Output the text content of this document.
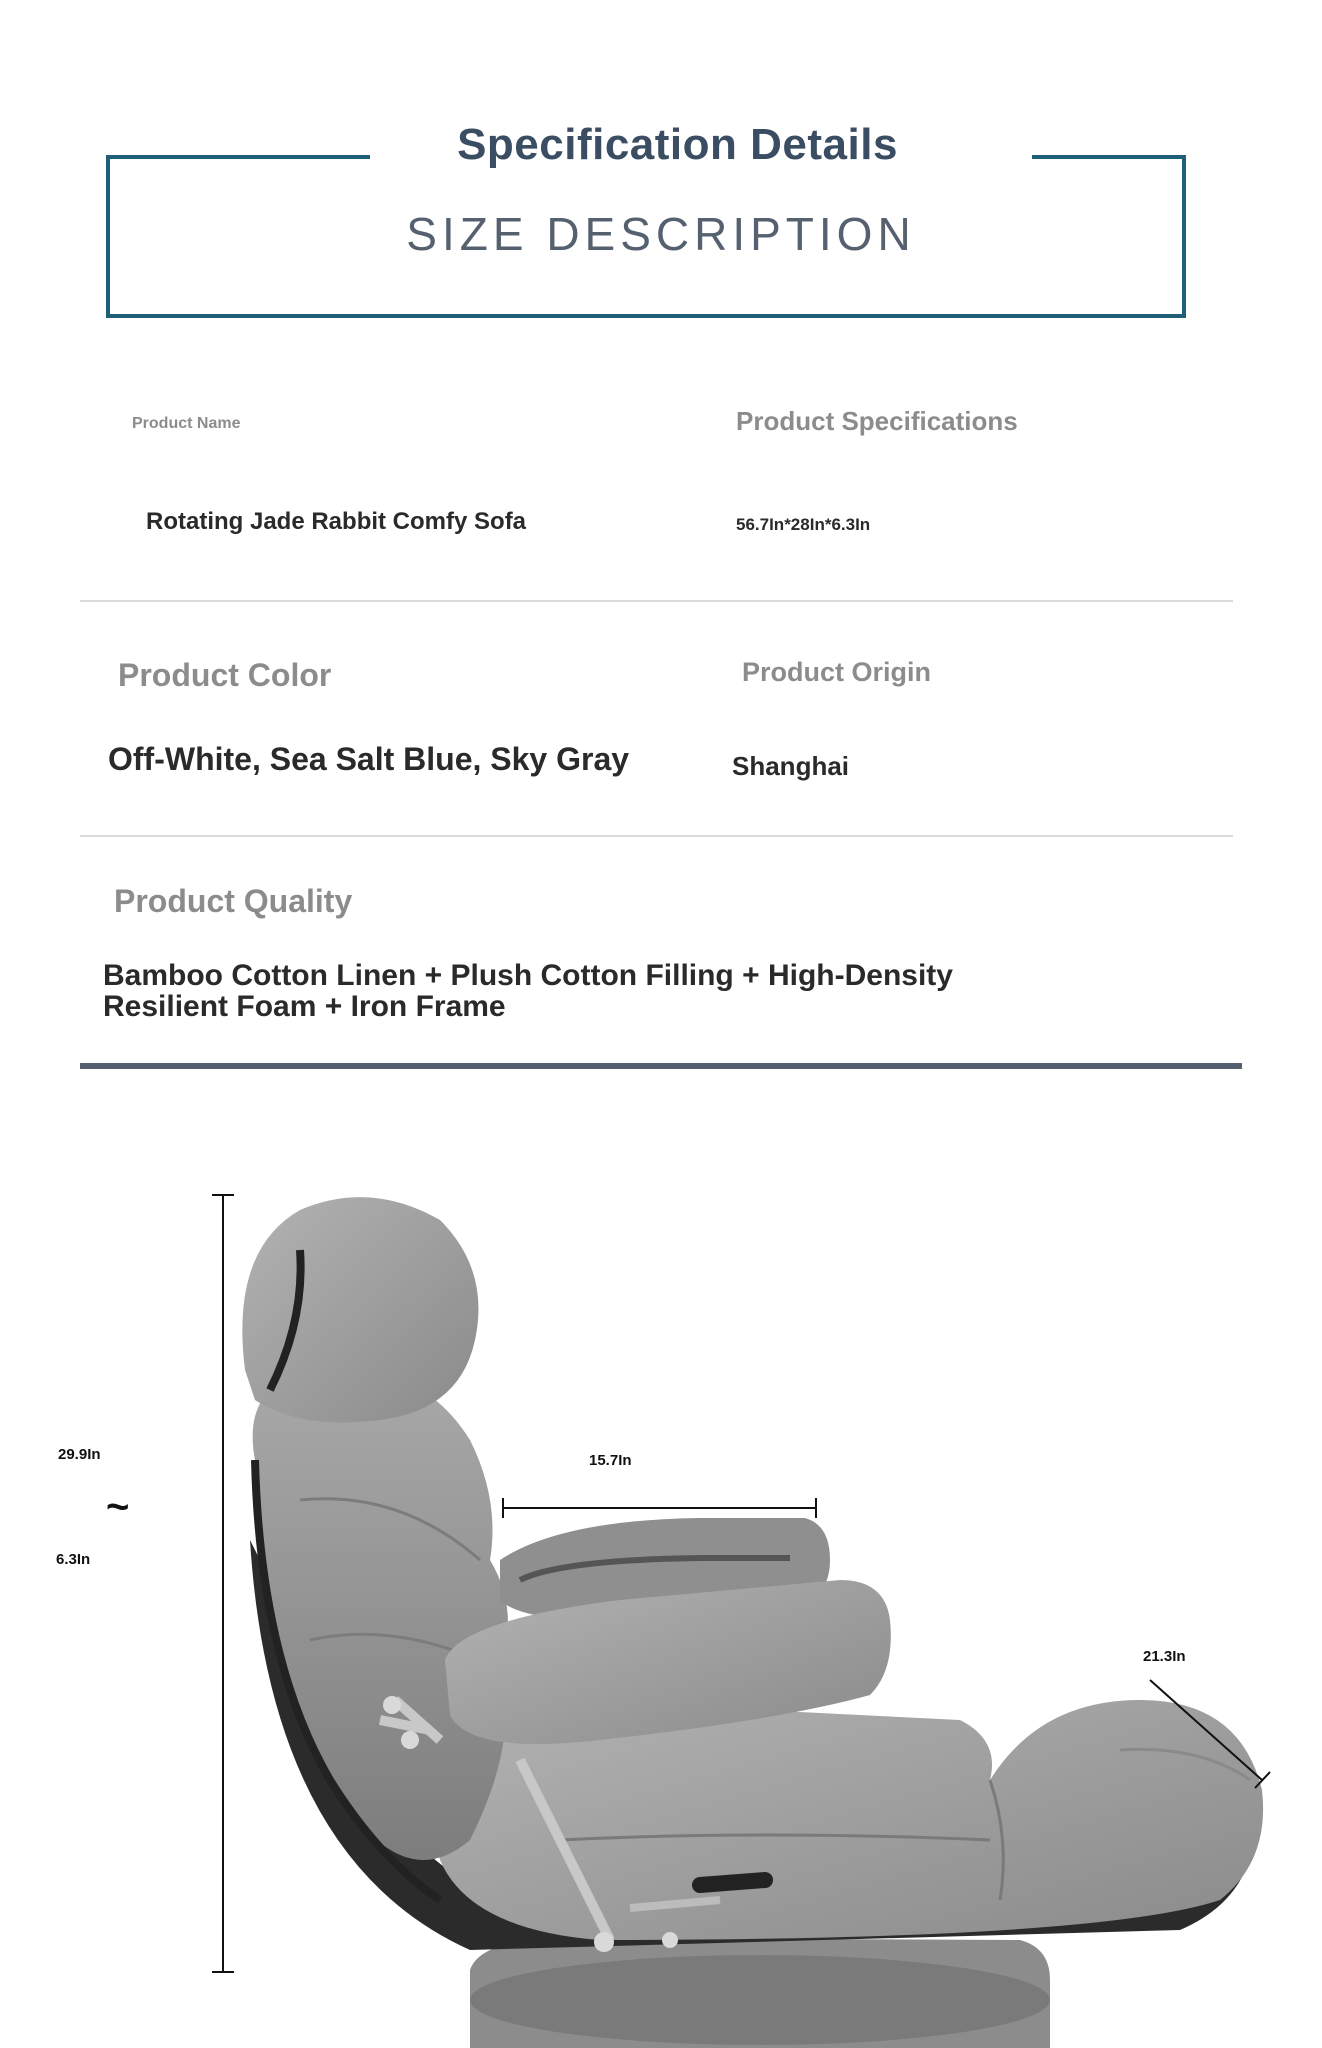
Specification Details
SIZE DESCRIPTION
Product Name
Rotating Jade Rabbit Comfy Sofa
Product Specifications
56.7In*28In*6.3In
Product Color
Off-White, Sea Salt Blue, Sky Gray
Product Origin
Shanghai
Product Quality
Bamboo Cotton Linen + Plush Cotton Filling + High-Density Resilient Foam + Iron Frame
29.9In
~
6.3In
15.7In
21.3In
